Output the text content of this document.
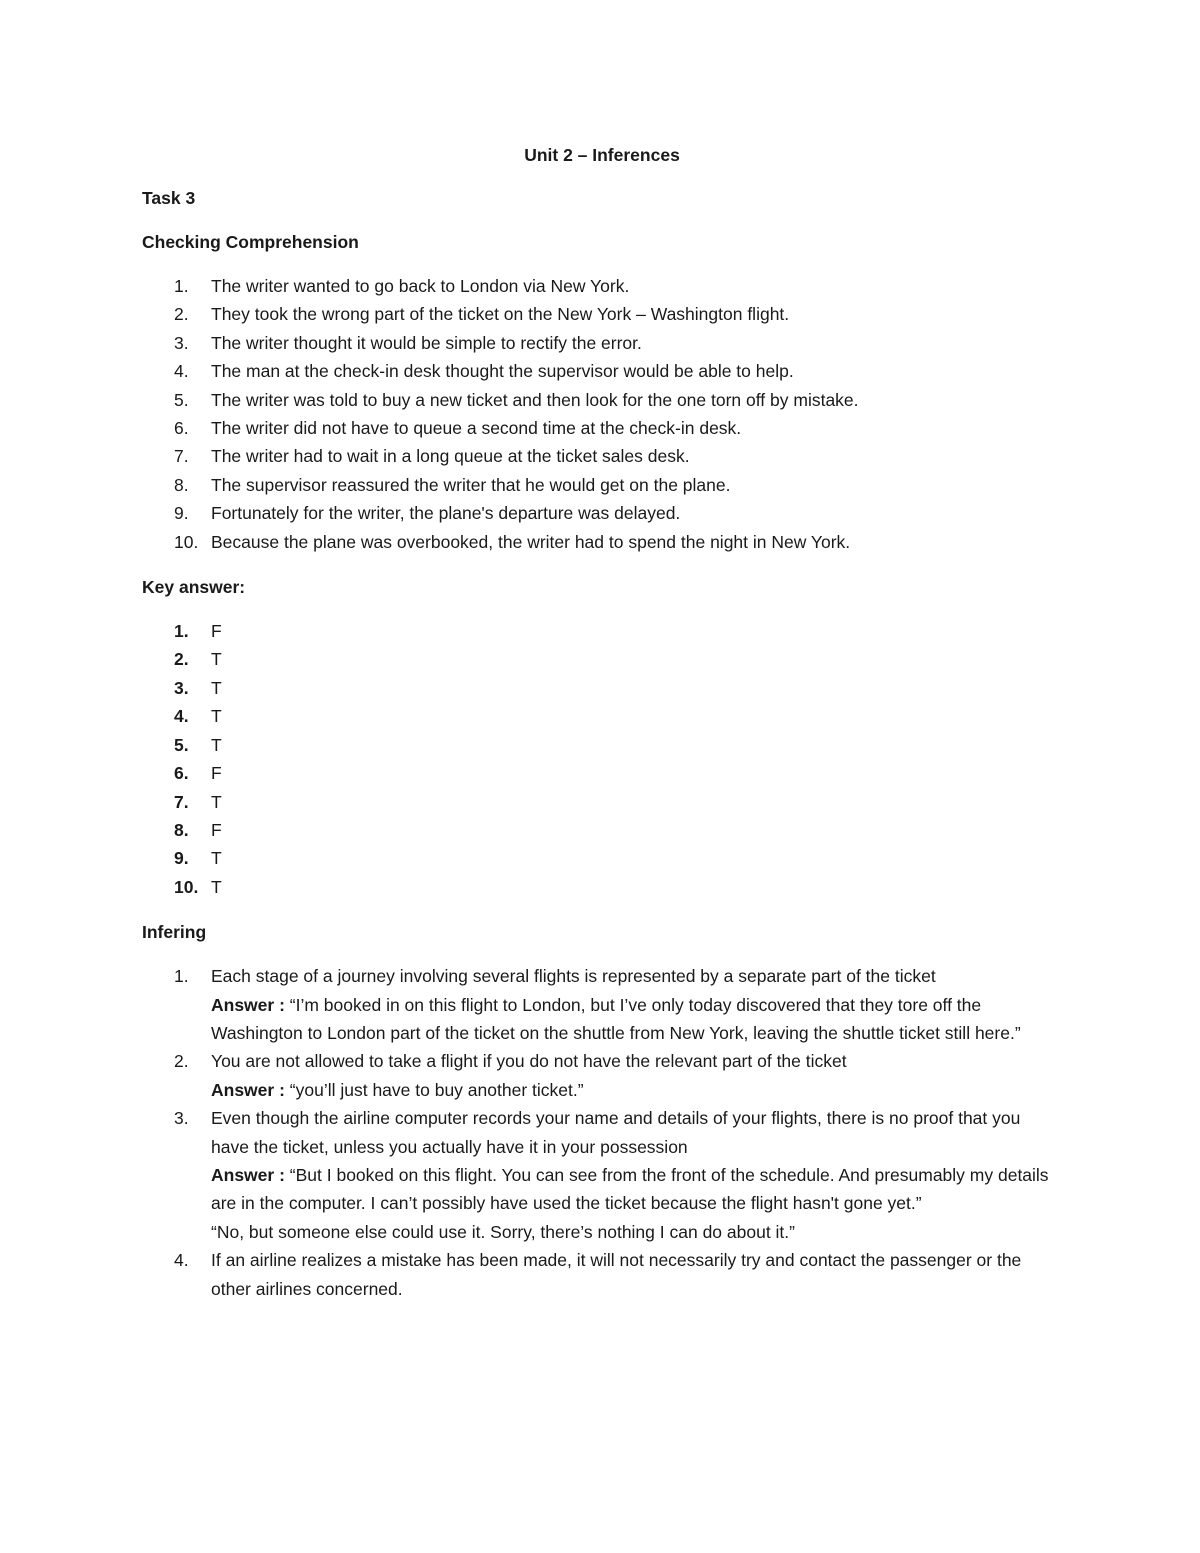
Unit 2 – Inferences
Task 3
Checking Comprehension
1. The writer wanted to go back to London via New York.
2. They took the wrong part of the ticket on the New York – Washington flight.
3. The writer thought it would be simple to rectify the error.
4. The man at the check-in desk thought the supervisor would be able to help.
5. The writer was told to buy a new ticket and then look for the one torn off by mistake.
6. The writer did not have to queue a second time at the check-in desk.
7. The writer had to wait in a long queue at the ticket sales desk.
8. The supervisor reassured the writer that he would get on the plane.
9. Fortunately for the writer, the plane's departure was delayed.
10. Because the plane was overbooked, the writer had to spend the night in New York.
Key answer:
1. F
2. T
3. T
4. T
5. T
6. F
7. T
8. F
9. T
10. T
Infering
1. Each stage of a journey involving several flights is represented by a separate part of the ticket
Answer : “I’m booked in on this flight to London, but I’ve only today discovered that they tore off the Washington to London part of the ticket on the shuttle from New York, leaving the shuttle ticket still here.”
2. You are not allowed to take a flight if you do not have the relevant part of the ticket
Answer : “you’ll just have to buy another ticket.”
3. Even though the airline computer records your name and details of your flights, there is no proof that you have the ticket, unless you actually have it in your possession
Answer : “But I booked on this flight. You can see from the front of the schedule. And presumably my details are in the computer. I can’t possibly have used the ticket because the flight hasn't gone yet.”
“No, but someone else could use it. Sorry, there’s nothing I can do about it.”
4. If an airline realizes a mistake has been made, it will not necessarily try and contact the passenger or the other airlines concerned.
